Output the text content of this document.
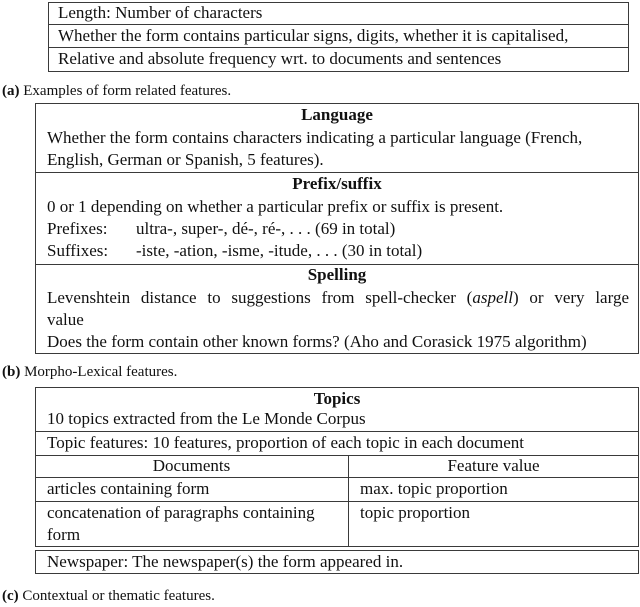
Length: Number of characters
Whether the form contains particular signs, digits, whether it is capitalised,
Relative and absolute frequency wrt. to documents and sentences
(a) Examples of form related features.
Language
Whether the form contains characters indicating a particular language (French,
English, German or Spanish, 5 features).
Prefix/suffix
0 or 1 depending on whether a particular prefix or suffix is present.
Prefixes: ultra-, super-, dé-, ré-, . . . (69 in total)
Suffixes: -iste, -ation, -isme, -itude, . . . (30 in total)
Spelling
Levenshtein distance to suggestions from spell-checker (aspell) or very large
value
Does the form contain other known forms? (Aho and Corasick 1975 algorithm)
(b) Morpho-Lexical features.
Topics
10 topics extracted from the Le Monde Corpus
Topic features: 10 features, proportion of each topic in each document
Documents	Feature value
articles containing form	max. topic proportion
concatenation of paragraphs containing
form
topic proportion
Newspaper: The newspaper(s) the form appeared in.
(c) Contextual or thematic features.
